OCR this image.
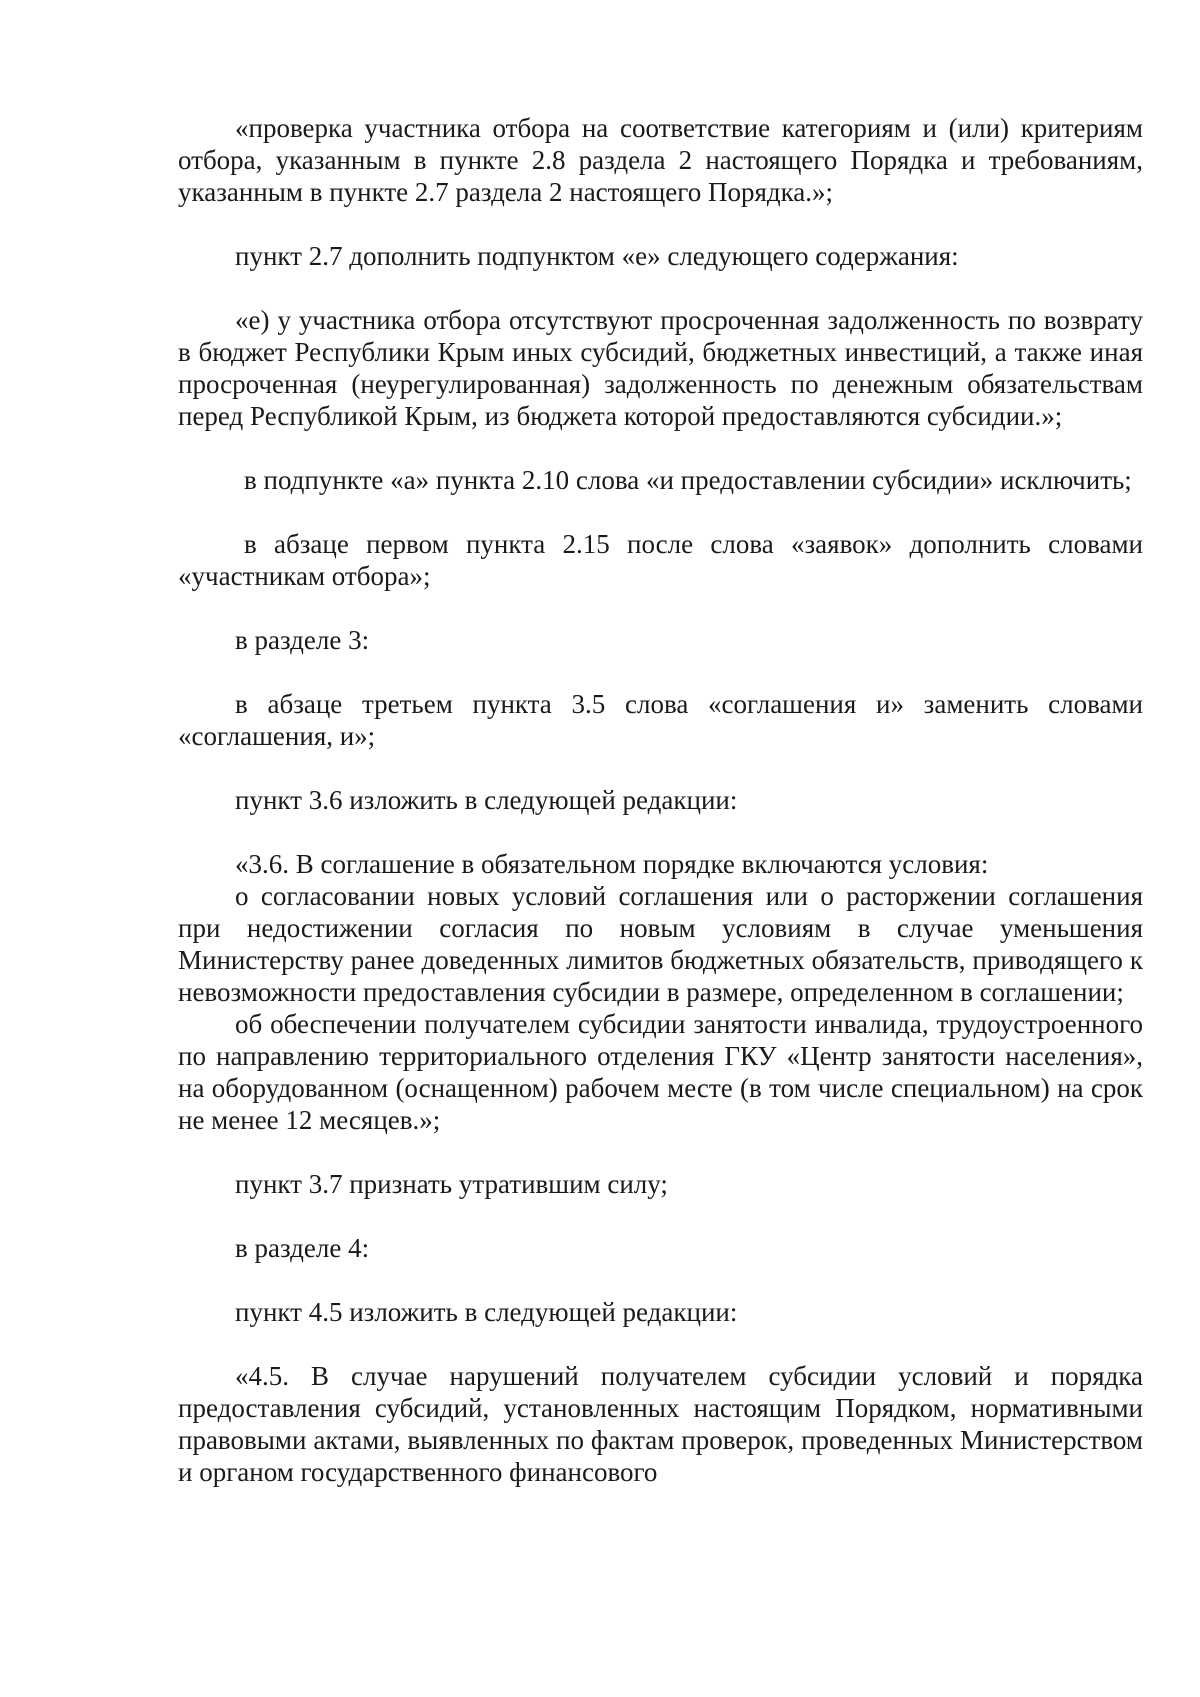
«проверка участника отбора на соответствие категориям и (или) критериям отбора, указанным в пункте 2.8 раздела 2 настоящего Порядка и требованиям, указанным в пункте 2.7 раздела 2 настоящего Порядка.»;

пункт 2.7 дополнить подпунктом «е» следующего содержания:

«е) у участника отбора отсутствуют просроченная задолженность по возврату в бюджет Республики Крым иных субсидий, бюджетных инвестиций, а также иная просроченная (неурегулированная) задолженность по денежным обязательствам перед Республикой Крым, из бюджета которой предоставляются субсидии.»;

в подпункте «а» пункта 2.10 слова «и предоставлении субсидии» исключить;

в абзаце первом пункта 2.15 после слова «заявок» дополнить словами «участникам отбора»;

в разделе 3:

в абзаце третьем пункта 3.5 слова «соглашения и» заменить словами «соглашения, и»;

пункт 3.6 изложить в следующей редакции:

«3.6. В соглашение в обязательном порядке включаются условия:

о согласовании новых условий соглашения или о расторжении соглашения при недостижении согласия по новым условиям в случае уменьшения Министерству ранее доведенных лимитов бюджетных обязательств, приводящего к невозможности предоставления субсидии в размере, определенном в соглашении;

об обеспечении получателем субсидии занятости инвалида, трудоустроенного по направлению территориального отделения ГКУ «Центр занятости населения», на оборудованном (оснащенном) рабочем месте (в том числе специальном) на срок не менее 12 месяцев.»;

пункт 3.7 признать утратившим силу;

в разделе 4:

пункт 4.5 изложить в следующей редакции:

«4.5. В случае нарушений получателем субсидии условий и порядка предоставления субсидий, установленных настоящим Порядком, нормативными правовыми актами, выявленных по фактам проверок, проведенных Министерством и органом государственного финансового
